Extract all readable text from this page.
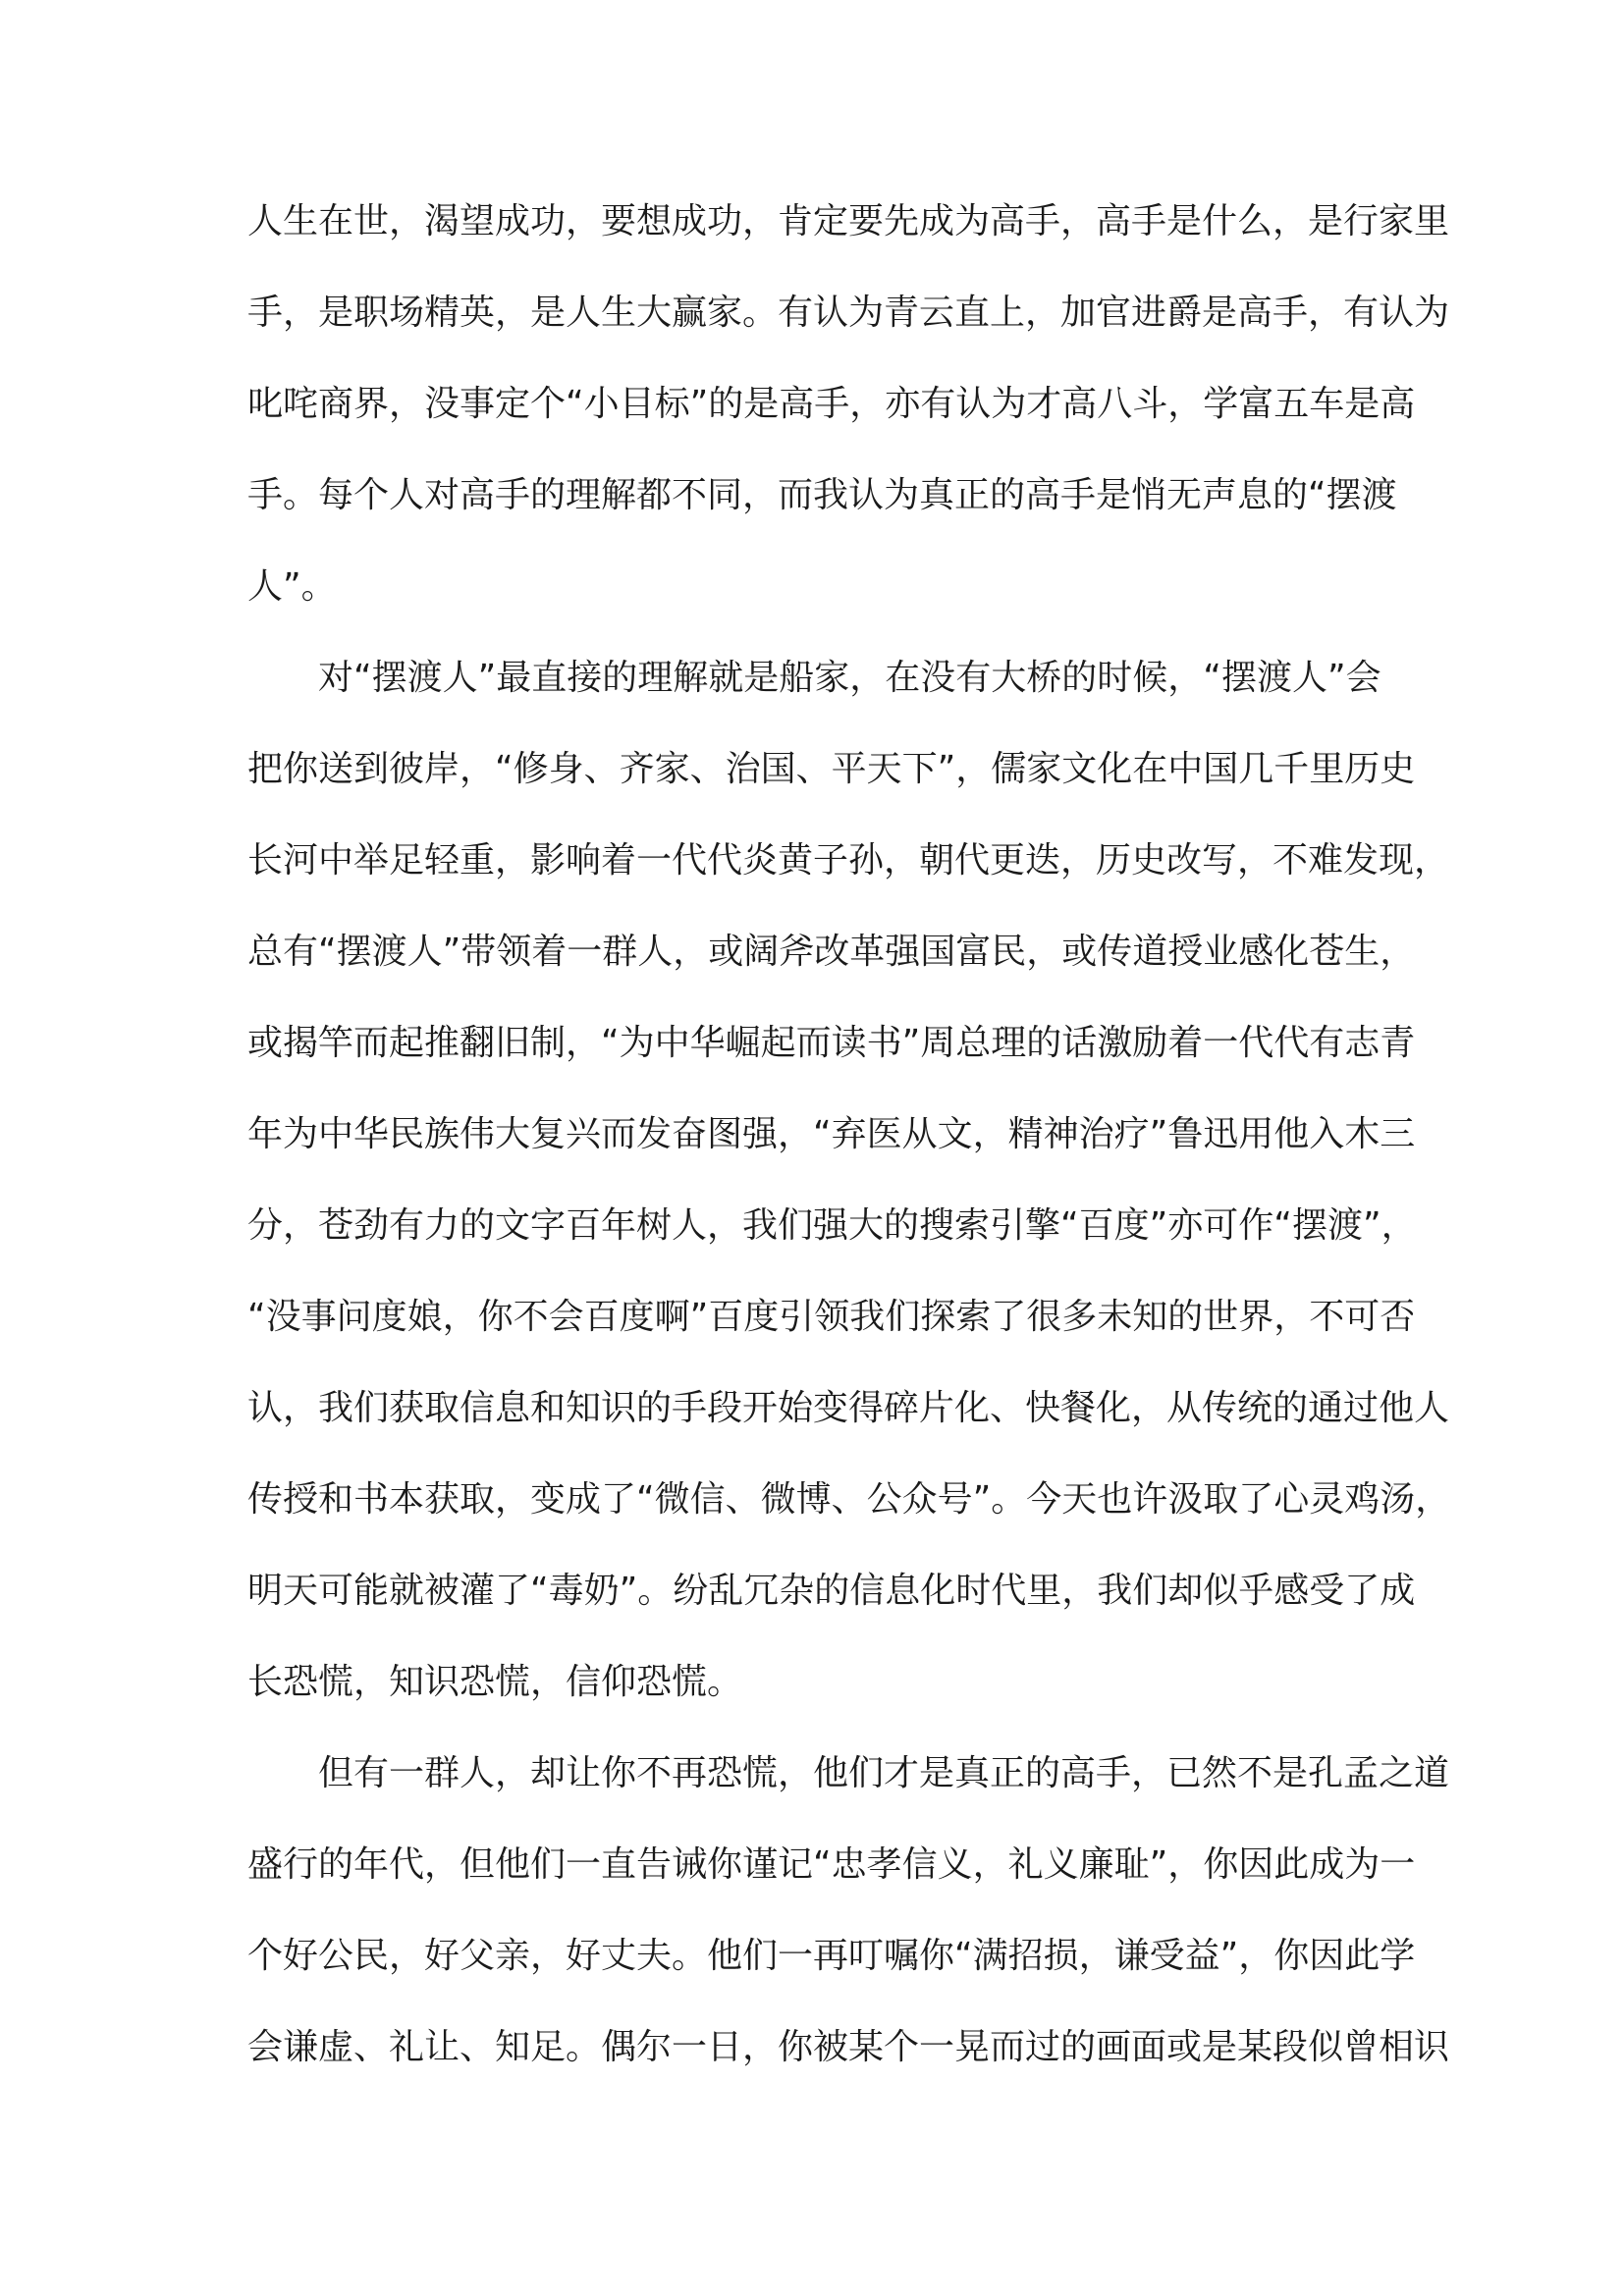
人生在世，渴望成功，要想成功，肯定要先成为高手，高手是什么，是行家里
手，是职场精英，是人生大赢家。有认为青云直上，加官进爵是高手，有认为
叱咤商界，没事定个“小目标”的是高手，亦有认为才高八斗，学富五车是高
手。每个人对高手的理解都不同，而我认为真正的高手是悄无声息的“摆渡
人”。
对“摆渡人”最直接的理解就是船家，在没有大桥的时候，“摆渡人”会
把你送到彼岸，“修身、齐家、治国、平天下”，儒家文化在中国几千里历史
长河中举足轻重，影响着一代代炎黄子孙，朝代更迭，历史改写，不难发现，
总有“摆渡人”带领着一群人，或阔斧改革强国富民，或传道授业感化苍生，
或揭竿而起推翻旧制，“为中华崛起而读书”周总理的话激励着一代代有志青
年为中华民族伟大复兴而发奋图强，“弃医从文，精神治疗”鲁迅用他入木三
分，苍劲有力的文字百年树人，我们强大的搜索引擎“百度”亦可作“摆渡”，
“没事问度娘，你不会百度啊”百度引领我们探索了很多未知的世界，不可否
认，我们获取信息和知识的手段开始变得碎片化、快餐化，从传统的通过他人
传授和书本获取，变成了“微信、微博、公众号”。今天也许汲取了心灵鸡汤，
明天可能就被灌了“毒奶”。纷乱冗杂的信息化时代里，我们却似乎感受了成
长恐慌，知识恐慌，信仰恐慌。
但有一群人，却让你不再恐慌，他们才是真正的高手，已然不是孔孟之道
盛行的年代，但他们一直告诫你谨记“忠孝信义，礼义廉耻”，你因此成为一
个好公民，好父亲，好丈夫。他们一再叮嘱你“满招损，谦受益”，你因此学
会谦虚、礼让、知足。偶尔一日，你被某个一晃而过的画面或是某段似曾相识
